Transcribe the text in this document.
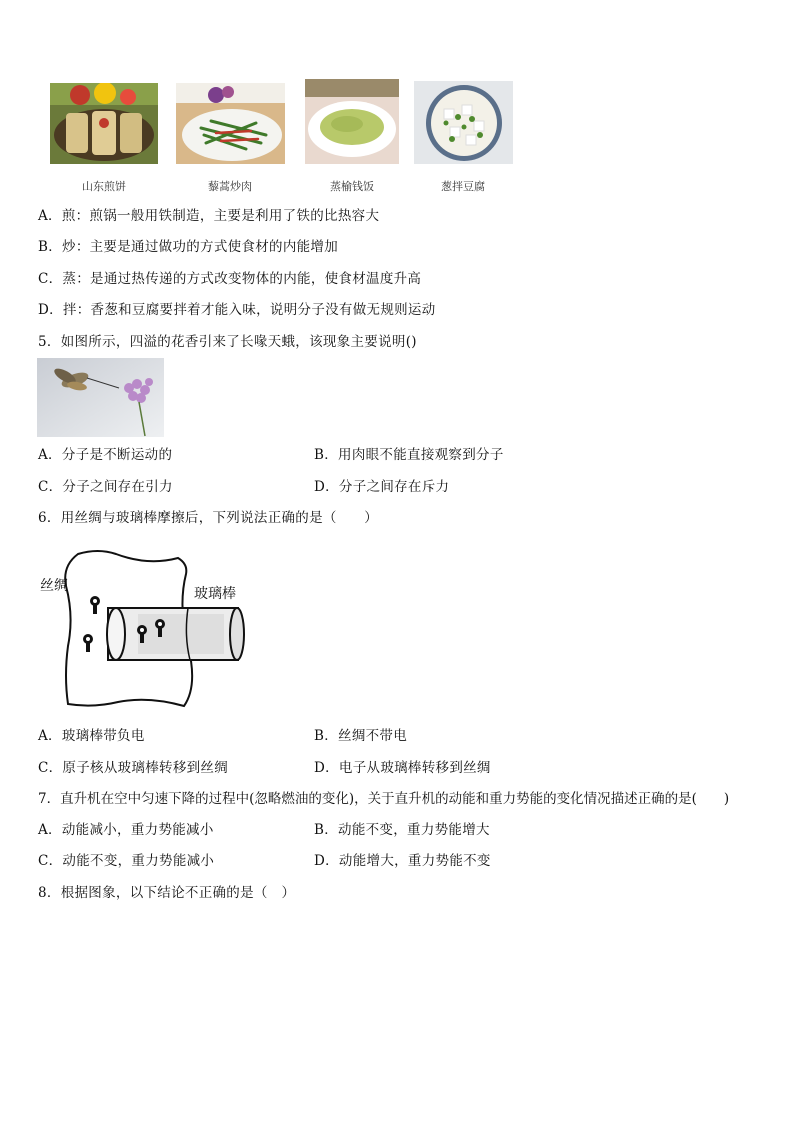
山东煎饼	藜蒿炒肉	蒸榆钱饭	葱拌豆腐
A．煎：煎锅一般用铁制造，主要是利用了铁的比热容大
B．炒：主要是通过做功的方式使食材的内能增加
C．蒸：是通过热传递的方式改变物体的内能，使食材温度升高
D．拌：香葱和豆腐要拌着才能入味，说明分子没有做无规则运动
5．如图所示，四溢的花香引来了长喙天蛾，该现象主要说明()
A．分子是不断运动的	B．用肉眼不能直接观察到分子
C．分子之间存在引力	D．分子之间存在斥力
6．用丝绸与玻璃棒摩擦后，下列说法正确的是（　　）
丝绸	玻璃棒
A．玻璃棒带负电	B．丝绸不带电
C．原子核从玻璃棒转移到丝绸	D．电子从玻璃棒转移到丝绸
7．直升机在空中匀速下降的过程中(忽略燃油的变化)，关于直升机的动能和重力势能的变化情况描述正确的是(　　)
A．动能减小，重力势能减小	B．动能不变，重力势能增大
C．动能不变，重力势能减小	D．动能增大，重力势能不变
8．根据图象，以下结论不正确的是（　）
